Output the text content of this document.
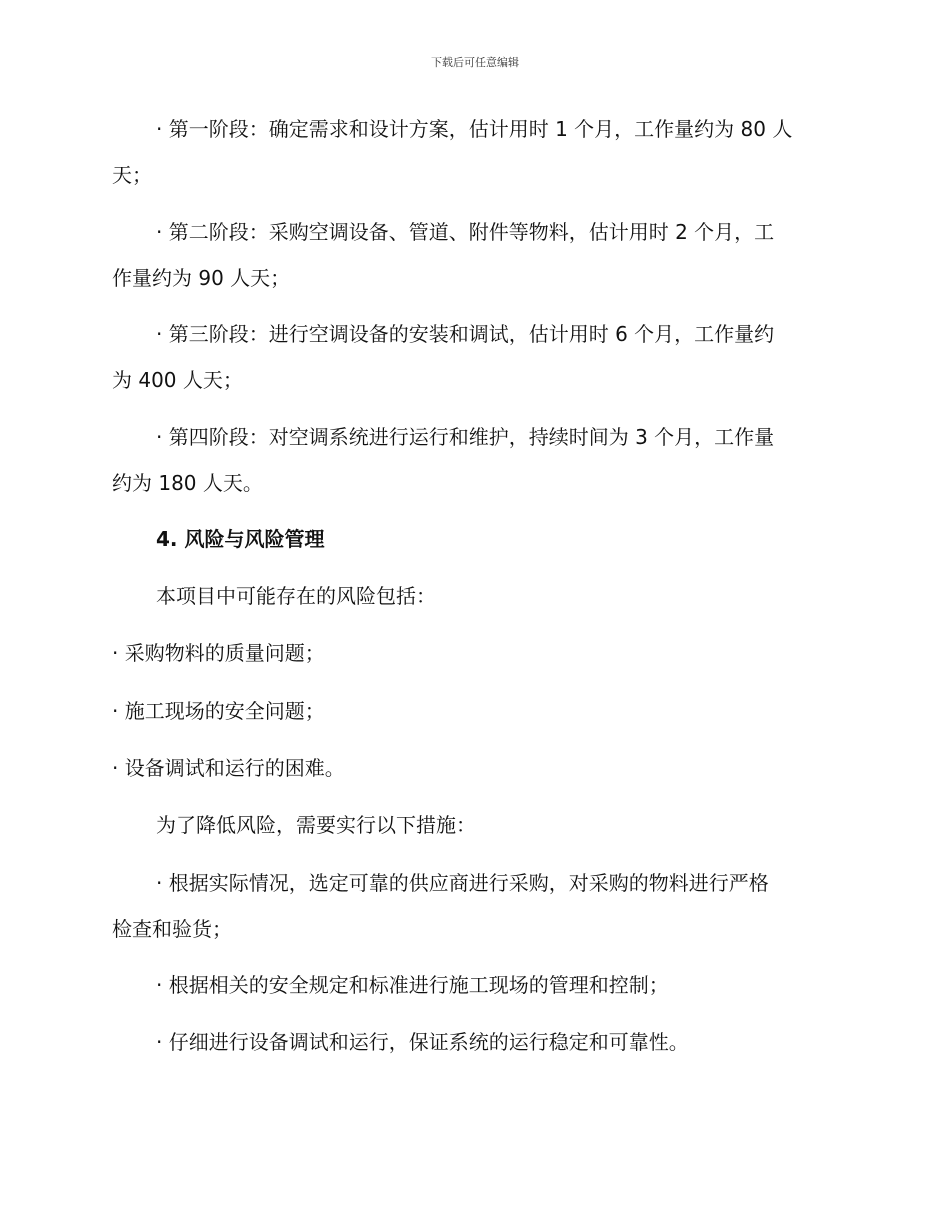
下载后可任意编辑
· 第一阶段：确定需求和设计方案，估计用时 1 个月，工作量约为 80 人
天；
· 第二阶段：采购空调设备、管道、附件等物料，估计用时 2 个月，工
作量约为 90 人天；
· 第三阶段：进行空调设备的安装和调试，估计用时 6 个月，工作量约
为 400 人天；
· 第四阶段：对空调系统进行运行和维护，持续时间为 3 个月，工作量
约为 180 人天。
4. 风险与风险管理
本项目中可能存在的风险包括：
· 采购物料的质量问题；
· 施工现场的安全问题；
· 设备调试和运行的困难。
为了降低风险，需要实行以下措施：
· 根据实际情况，选定可靠的供应商进行采购，对采购的物料进行严格
检查和验货；
· 根据相关的安全规定和标准进行施工现场的管理和控制；
· 仔细进行设备调试和运行，保证系统的运行稳定和可靠性。
